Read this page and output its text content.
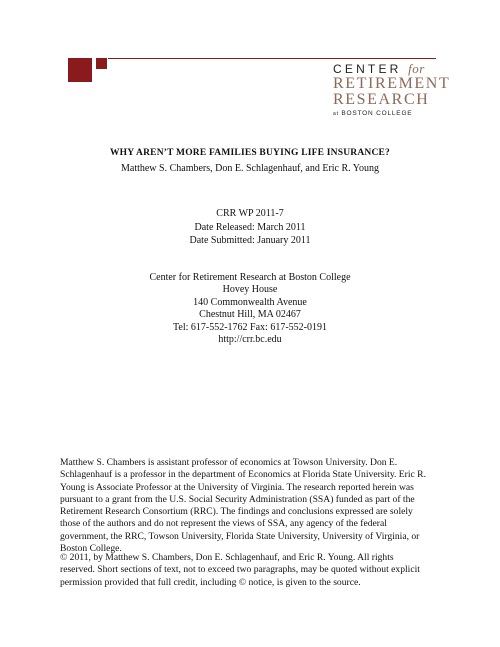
CENTER for
RETIREMENT
RESEARCH
at BOSTON COLLEGE
WHY AREN’T MORE FAMILIES BUYING LIFE INSURANCE?
Matthew S. Chambers, Don E. Schlagenhauf, and Eric R. Young
CRR WP 2011-7
Date Released: March 2011
Date Submitted: January 2011
Center for Retirement Research at Boston College
Hovey House
140 Commonwealth Avenue
Chestnut Hill, MA 02467
Tel: 617-552-1762 Fax: 617-552-0191
http://crr.bc.edu
Matthew S. Chambers is assistant professor of economics at Towson University. Don E.
Schlagenhauf is a professor in the department of Economics at Florida State University. Eric R.
Young is Associate Professor at the University of Virginia. The research reported herein was
pursuant to a grant from the U.S. Social Security Administration (SSA) funded as part of the
Retirement Research Consortium (RRC). The findings and conclusions expressed are solely
those of the authors and do not represent the views of SSA, any agency of the federal
government, the RRC, Towson University, Florida State University, University of Virginia, or
Boston College.
© 2011, by Matthew S. Chambers, Don E. Schlagenhauf, and Eric R. Young. All rights
reserved. Short sections of text, not to exceed two paragraphs, may be quoted without explicit
permission provided that full credit, including © notice, is given to the source.
